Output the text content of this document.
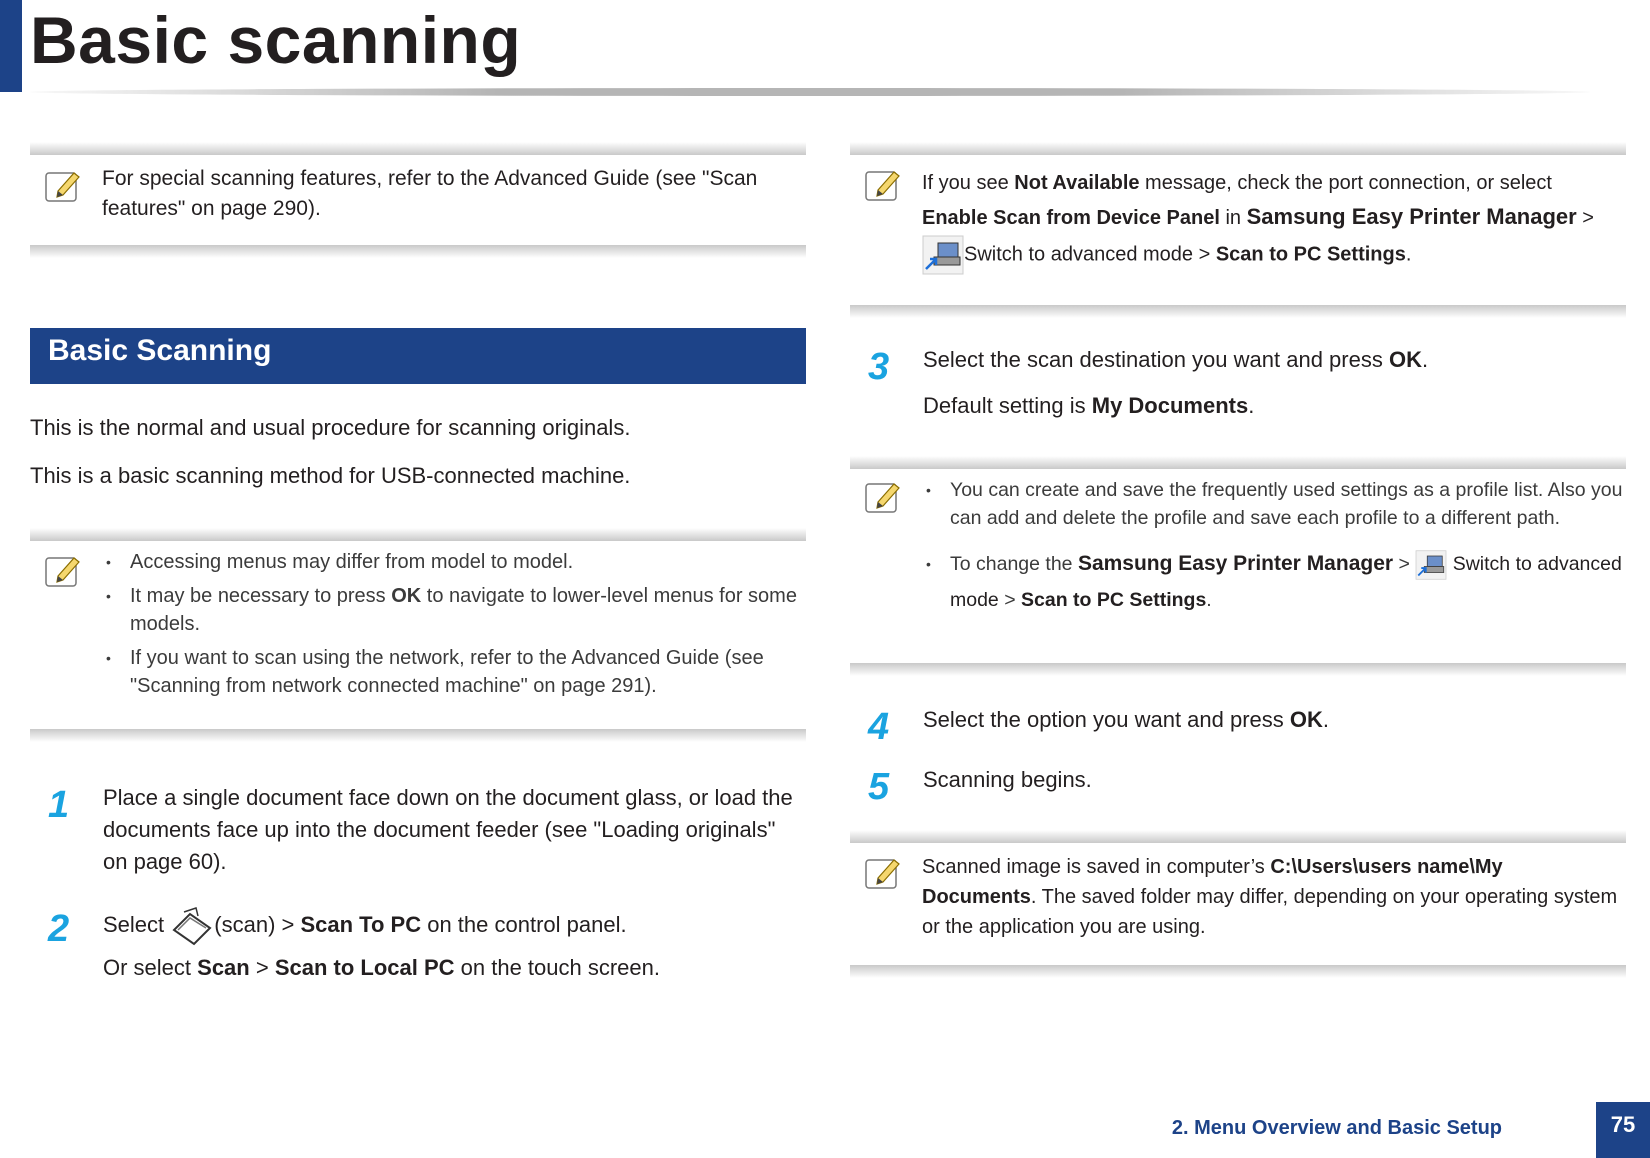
Basic scanning
For special scanning features, refer to the Advanced Guide (see "Scan features" on page 290).
Basic Scanning
This is the normal and usual procedure for scanning originals.
This is a basic scanning method for USB-connected machine.
• Accessing menus may differ from model to model.
• It may be necessary to press OK to navigate to lower-level menus for some models.
• If you want to scan using the network, refer to the Advanced Guide (see "Scanning from network connected machine" on page 291).
1 Place a single document face down on the document glass, or load the documents face up into the document feeder (see "Loading originals" on page 60).
2 Select (scan) > Scan To PC on the control panel.
Or select Scan > Scan to Local PC on the touch screen.
If you see Not Available message, check the port connection, or select Enable Scan from Device Panel in Samsung Easy Printer Manager >
Switch to advanced mode > Scan to PC Settings.
3 Select the scan destination you want and press OK.
Default setting is My Documents.
• You can create and save the frequently used settings as a profile list. Also you can add and delete the profile and save each profile to a different path.
• To change the Samsung Easy Printer Manager >  Switch to advanced mode > Scan to PC Settings.
4 Select the option you want and press OK.
5 Scanning begins.
Scanned image is saved in computer’s C:\Users\users name\My Documents. The saved folder may differ, depending on your operating system or the application you are using.
2. Menu Overview and Basic Setup	75
